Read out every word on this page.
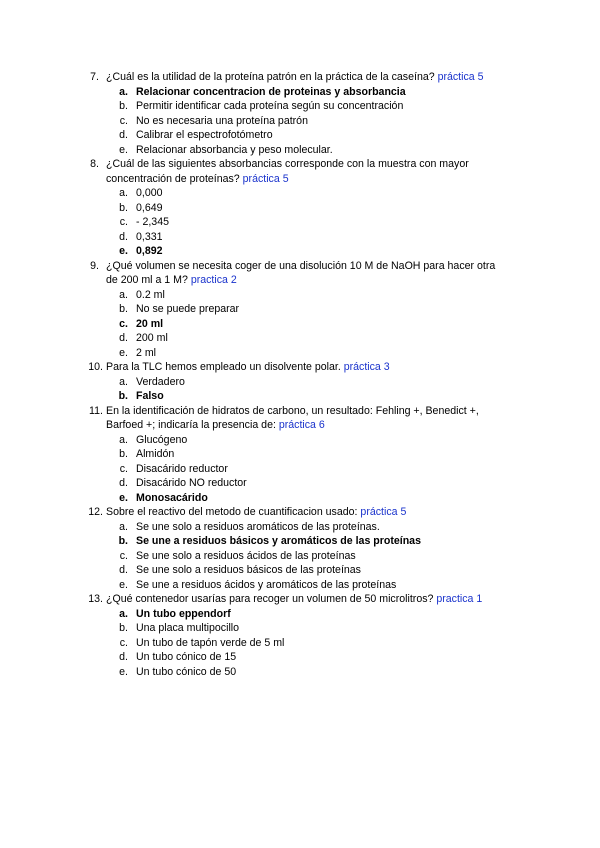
7. ¿Cuál es la utilidad de la proteína patrón en la práctica de la caseína? práctica 5
a. Relacionar concentracion de proteinas y absorbancia
b. Permitir identificar cada proteína según su concentración
c. No es necesaria una proteína patrón
d. Calibrar el espectrofotómetro
e. Relacionar absorbancia y peso molecular.
8. ¿Cuál de las siguientes absorbancias corresponde con la muestra con mayor
concentración de proteínas? práctica 5
a. 0,000
b. 0,649
c. - 2,345
d. 0,331
e. 0,892
9. ¿Qué volumen se necesita coger de una disolución 10 M de NaOH para hacer otra
de 200 ml a 1 M? practica 2
a. 0.2 ml
b. No se puede preparar
c. 20 ml
d. 200 ml
e. 2 ml
10. Para la TLC hemos empleado un disolvente polar. práctica 3
a. Verdadero
b. Falso
11. En la identificación de hidratos de carbono, un resultado: Fehling +, Benedict +,
Barfoed +; indicaría la presencia de: práctica 6
a. Glucógeno
b. Almidón
c. Disacárido reductor
d. Disacárido NO reductor
e. Monosacárido
12. Sobre el reactivo del metodo de cuantificacion usado: práctica 5
a. Se une solo a residuos aromáticos de las proteínas.
b. Se une a residuos básicos y aromáticos de las proteínas
c. Se une solo a residuos ácidos de las proteínas
d. Se une solo a residuos básicos de las proteínas
e. Se une a residuos ácidos y aromáticos de las proteínas
13. ¿Qué contenedor usarías para recoger un volumen de 50 microlitros? practica 1
a. Un tubo eppendorf
b. Una placa multipocillo
c. Un tubo de tapón verde de 5 ml
d. Un tubo cónico de 15
e. Un tubo cónico de 50
